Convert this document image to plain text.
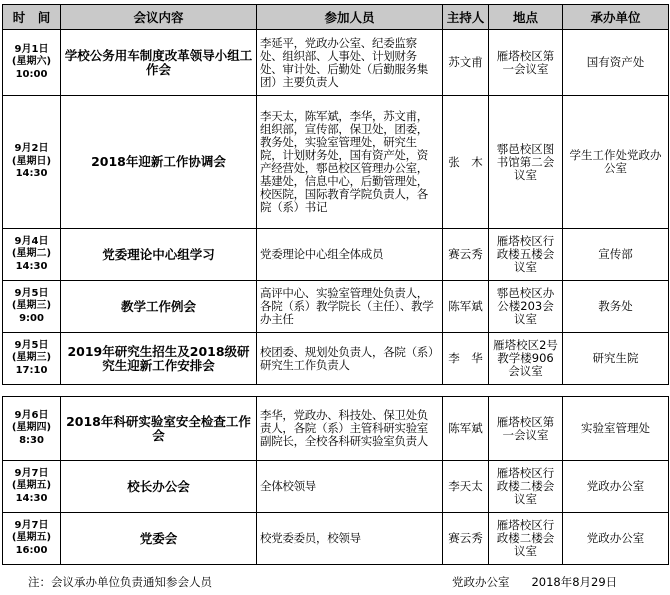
时　间	会议内容	参加人员	主持人	地点	承办单位

9月1日
(星期六)
10:00	学校公务用车制度改革领导小组工作会	李延平，党政办公室、纪委监察处、组织部、人事处、计划财务处、审计处、后勤处（后勤服务集团）主要负责人	苏文甫	雁塔校区第一会议室	国有资产处

9月2日
(星期日)
14:30	2018年迎新工作协调会	李天太，陈军斌，李华，苏文甫，组织部，宣传部，保卫处，团委，教务处，实验室管理处，研究生院，计划财务处，国有资产处，资产经营处，鄠邑校区管理办公室，基建处，信息中心，后勤管理处，校医院，国际教育学院负责人，各院（系）书记	张　木	鄠邑校区图书馆第二会议室	学生工作处党政办公室

9月4日
(星期二)
14:30	党委理论中心组学习	党委理论中心组全体成员	赛云秀	雁塔校区行政楼五楼会议室	宣传部

9月5日
(星期三)
9:00	教学工作例会	高评中心、实验室管理处负责人，各院（系）教学院长（主任）、教学办主任	陈军斌	鄠邑校区办公楼203会议室	教务处

9月5日
(星期三)
17:10	2019年研究生招生及2018级研究生迎新工作安排会	校团委、规划处负责人，各院（系）研究生工作负责人	李　华	雁塔校区2号教学楼906会议室	研究生院
9月6日
(星期四)
8:30	2018年科研实验室安全检查工作会	李华，党政办、科技处、保卫处负责人，各院（系）主管科研实验室副院长，全校各科研实验室负责人	陈军斌	雁塔校区第一会议室	实验室管理处

9月7日
(星期五)
14:30	校长办公会	全体校领导	李天太	雁塔校区行政楼二楼会议室	党政办公室

9月7日
(星期五)
16:00	党委会	校党委委员，校领导	赛云秀	雁塔校区行政楼二楼会议室	党政办公室
注：会议承办单位负责通知参会人员	党政办公室 2018年8月29日
